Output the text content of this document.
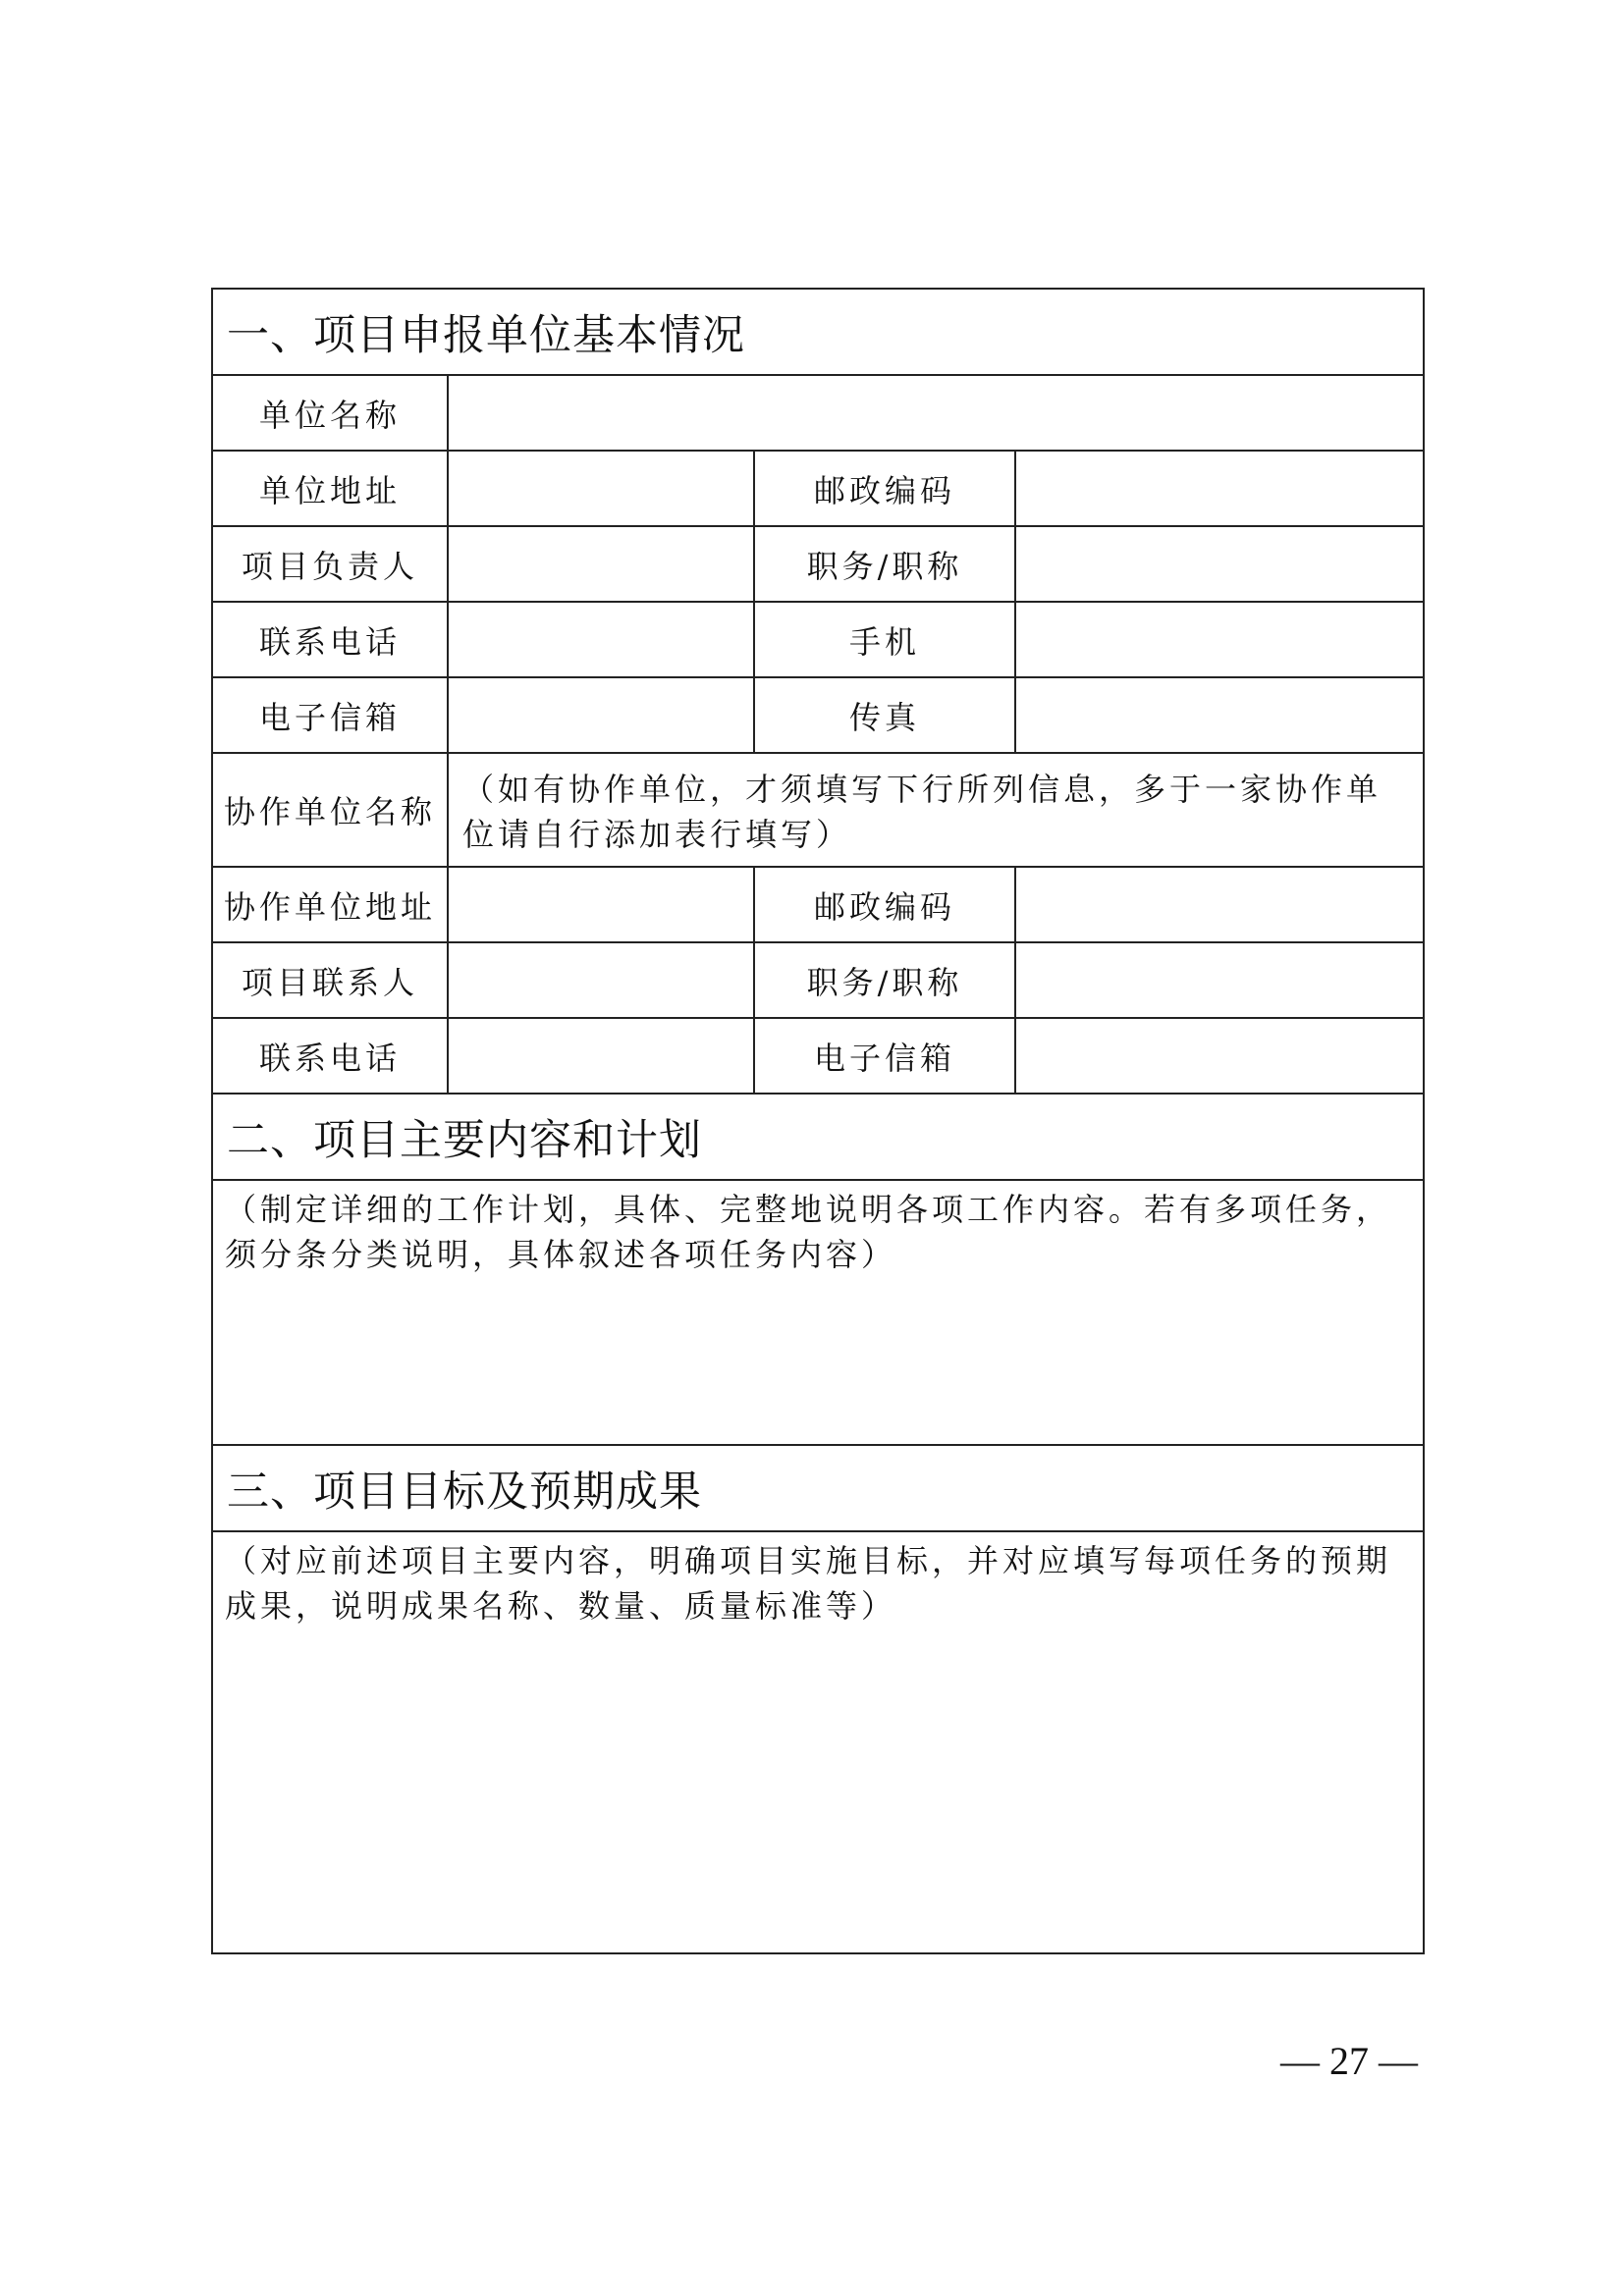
一、项目申报单位基本情况			
单位名称			
单位地址		邮政编码	
项目负责人		职务/职称	
联系电话		手机	
电子信箱		传真	
协作单位名称	（如有协作单位，才须填写下行所列信息，多于一家协作单位请自行添加表行填写）		
协作单位地址		邮政编码	
项目联系人		职务/职称	
联系电话		电子信箱	
二、项目主要内容和计划			
（制定详细的工作计划，具体、完整地说明各项工作内容。若有多项任务，须分条分类说明，具体叙述各项任务内容）			
三、项目目标及预期成果			
（对应前述项目主要内容，明确项目实施目标，并对应填写每项任务的预期成果，说明成果名称、数量、质量标准等）			
— 27 —
